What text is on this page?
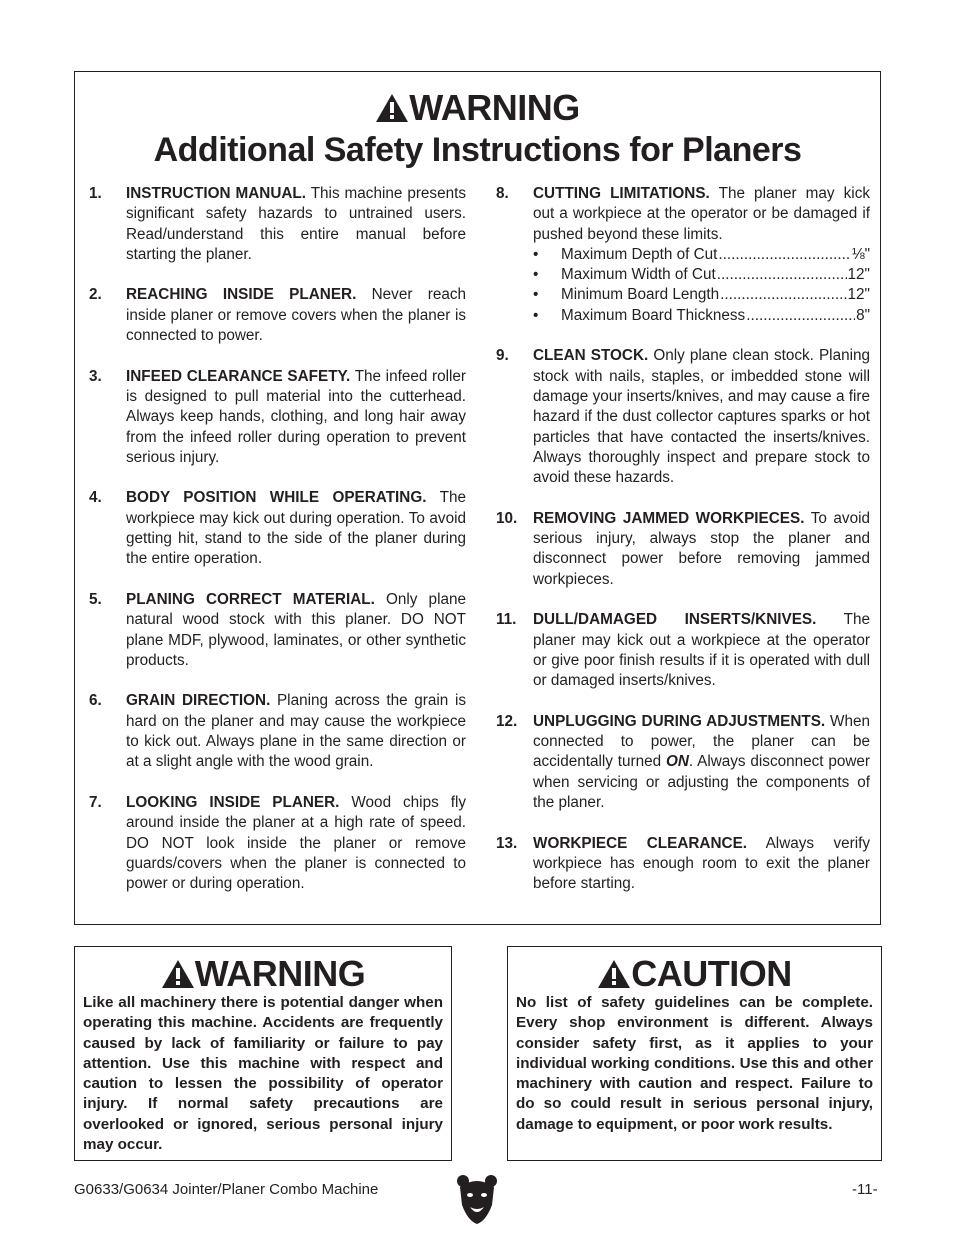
WARNING
Additional Safety Instructions for Planers
1. INSTRUCTION MANUAL. This machine presents significant safety hazards to untrained users. Read/understand this entire manual before starting the planer.
2. REACHING INSIDE PLANER. Never reach inside planer or remove covers when the planer is connected to power.
3. INFEED CLEARANCE SAFETY. The infeed roller is designed to pull material into the cutterhead. Always keep hands, clothing, and long hair away from the infeed roller during operation to prevent serious injury.
4. BODY POSITION WHILE OPERATING. The workpiece may kick out during operation. To avoid getting hit, stand to the side of the planer during the entire operation.
5. PLANING CORRECT MATERIAL. Only plane natural wood stock with this planer. DO NOT plane MDF, plywood, laminates, or other synthetic products.
6. GRAIN DIRECTION. Planing across the grain is hard on the planer and may cause the workpiece to kick out. Always plane in the same direction or at a slight angle with the wood grain.
7. LOOKING INSIDE PLANER. Wood chips fly around inside the planer at a high rate of speed. DO NOT look inside the planer or remove guards/covers when the planer is connected to power or during operation.
8. CUTTING LIMITATIONS. The planer may kick out a workpiece at the operator or be damaged if pushed beyond these limits.
• Maximum Depth of Cut .....	⅛"
• Maximum Width of Cut .....	12"
• Minimum Board Length .....	12"
• Maximum Board Thickness .....	8"
9. CLEAN STOCK. Only plane clean stock. Planing stock with nails, staples, or imbedded stone will damage your inserts/knives, and may cause a fire hazard if the dust collector captures sparks or hot particles that have contacted the inserts/knives. Always thoroughly inspect and prepare stock to avoid these hazards.
10. REMOVING JAMMED WORKPIECES. To avoid serious injury, always stop the planer and disconnect power before removing jammed workpieces.
11. DULL/DAMAGED INSERTS/KNIVES. The planer may kick out a workpiece at the operator or give poor finish results if it is operated with dull or damaged inserts/knives.
12. UNPLUGGING DURING ADJUSTMENTS. When connected to power, the planer can be accidentally turned ON. Always disconnect power when servicing or adjusting the components of the planer.
13. WORKPIECE CLEARANCE. Always verify workpiece has enough room to exit the planer before starting.
WARNING
Like all machinery there is potential danger when operating this machine. Accidents are frequently caused by lack of familiarity or failure to pay attention. Use this machine with respect and caution to lessen the possibility of operator injury. If normal safety precautions are overlooked or ignored, serious personal injury may occur.
CAUTION
No list of safety guidelines can be complete. Every shop environment is different. Always consider safety first, as it applies to your individual working conditions. Use this and other machinery with caution and respect. Failure to do so could result in serious personal injury, damage to equipment, or poor work results.
G0633/G0634 Jointer/Planer Combo Machine	-11-
